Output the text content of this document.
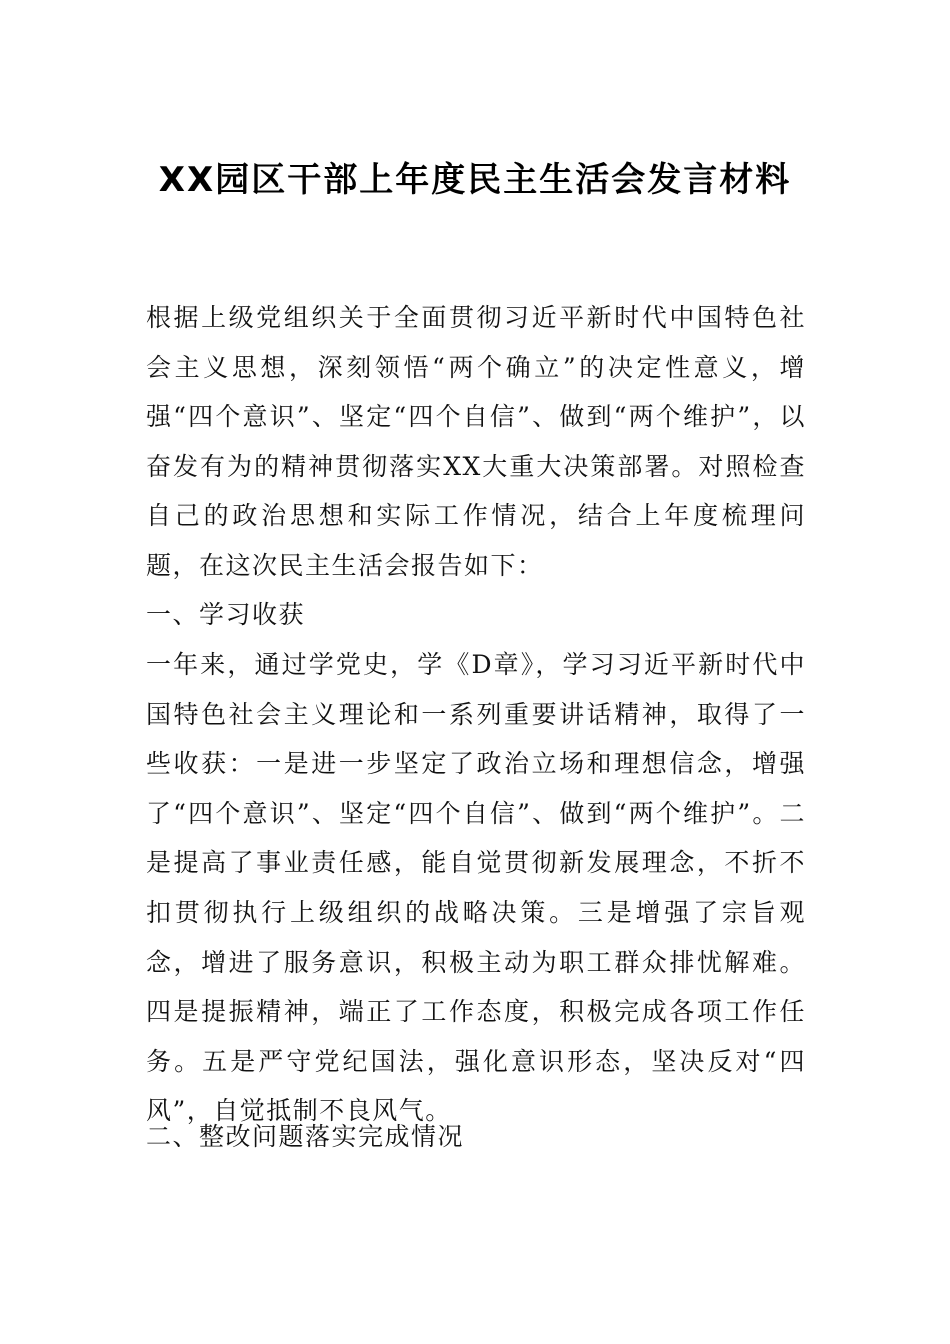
XX园区干部上年度民主生活会发言材料
根据上级党组织关于全面贯彻习近平新时代中国特色社会主义思想，深刻领悟“两个确立”的决定性意义，增强“四个意识”、坚定“四个自信”、做到“两个维护”，以奋发有为的精神贯彻落实XX大重大决策部署。对照检查自己的政治思想和实际工作情况，结合上年度梳理问题，在这次民主生活会报告如下：
一、学习收获
一年来，通过学党史，学《D章》，学习习近平新时代中国特色社会主义理论和一系列重要讲话精神，取得了一些收获：一是进一步坚定了政治立场和理想信念，增强了“四个意识”、坚定“四个自信”、做到“两个维护”。二是提高了事业责任感，能自觉贯彻新发展理念，不折不扣贯彻执行上级组织的战略决策。三是增强了宗旨观念，增进了服务意识，积极主动为职工群众排忧解难。四是提振精神，端正了工作态度，积极完成各项工作任务。五是严守党纪国法，强化意识形态，坚决反对“四风”，自觉抵制不良风气。
二、整改问题落实完成情况
